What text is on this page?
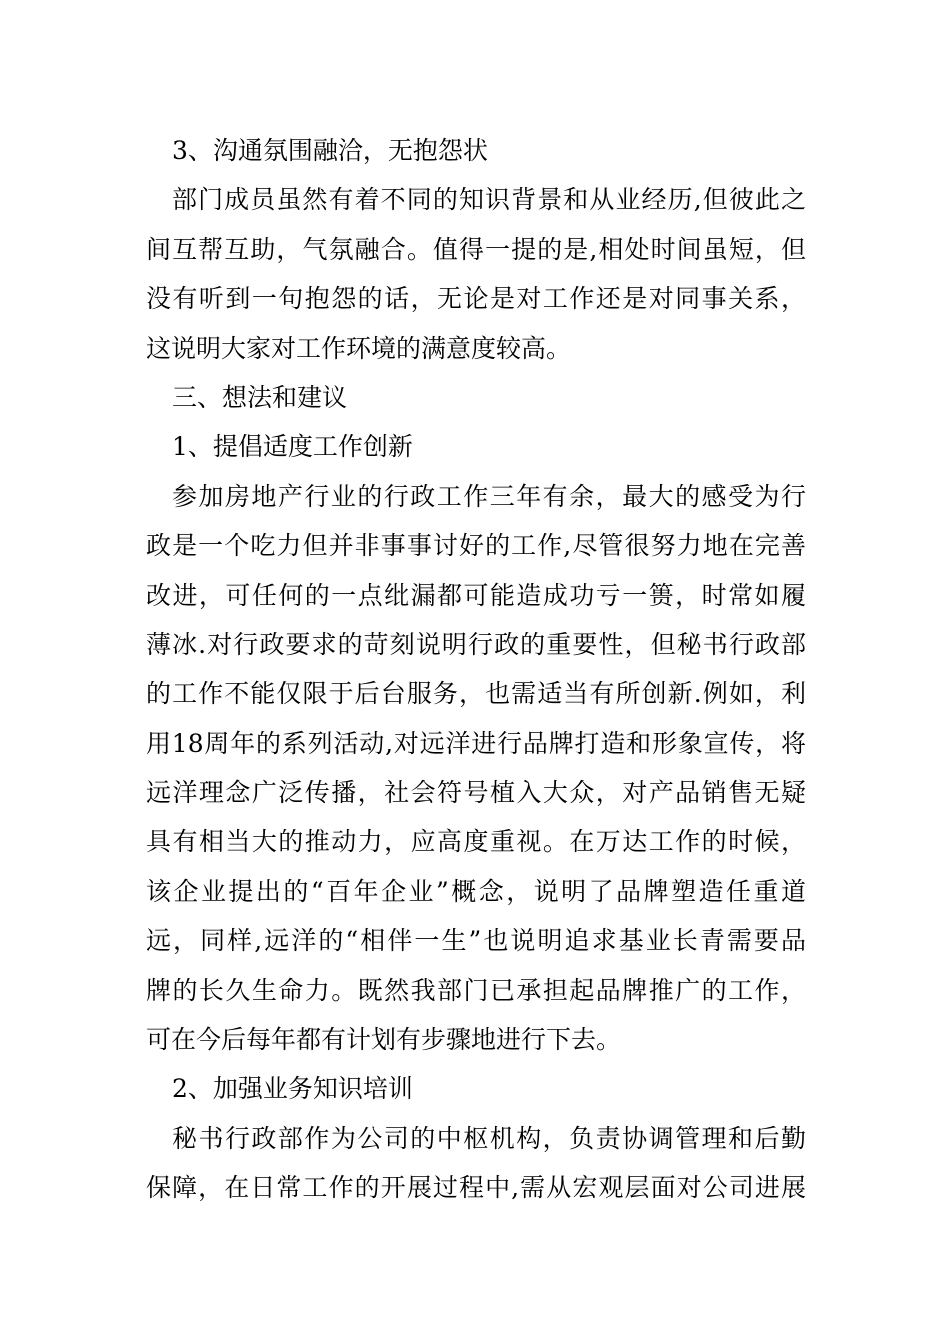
3、沟通氛围融洽，无抱怨状
部门成员虽然有着不同的知识背景和从业经历,但彼此之
间互帮互助，气氛融合。值得一提的是,相处时间虽短，但
没有听到一句抱怨的话，无论是对工作还是对同事关系，
这说明大家对工作环境的满意度较高。
三、想法和建议
1、提倡适度工作创新
参加房地产行业的行政工作三年有余，最大的感受为行
政是一个吃力但并非事事讨好的工作,尽管很努力地在完善
改进，可任何的一点纰漏都可能造成功亏一篑，时常如履
薄冰.对行政要求的苛刻说明行政的重要性，但秘书行政部
的工作不能仅限于后台服务，也需适当有所创新.例如，利
用18周年的系列活动,对远洋进行品牌打造和形象宣传，将
远洋理念广泛传播，社会符号植入大众，对产品销售无疑
具有相当大的推动力，应高度重视。在万达工作的时候，
该企业提出的“百年企业”概念，说明了品牌塑造任重道
远，同样,远洋的“相伴一生”也说明追求基业长青需要品
牌的长久生命力。既然我部门已承担起品牌推广的工作，
可在今后每年都有计划有步骤地进行下去。
2、加强业务知识培训
秘书行政部作为公司的中枢机构，负责协调管理和后勤
保障，在日常工作的开展过程中,需从宏观层面对公司进展
